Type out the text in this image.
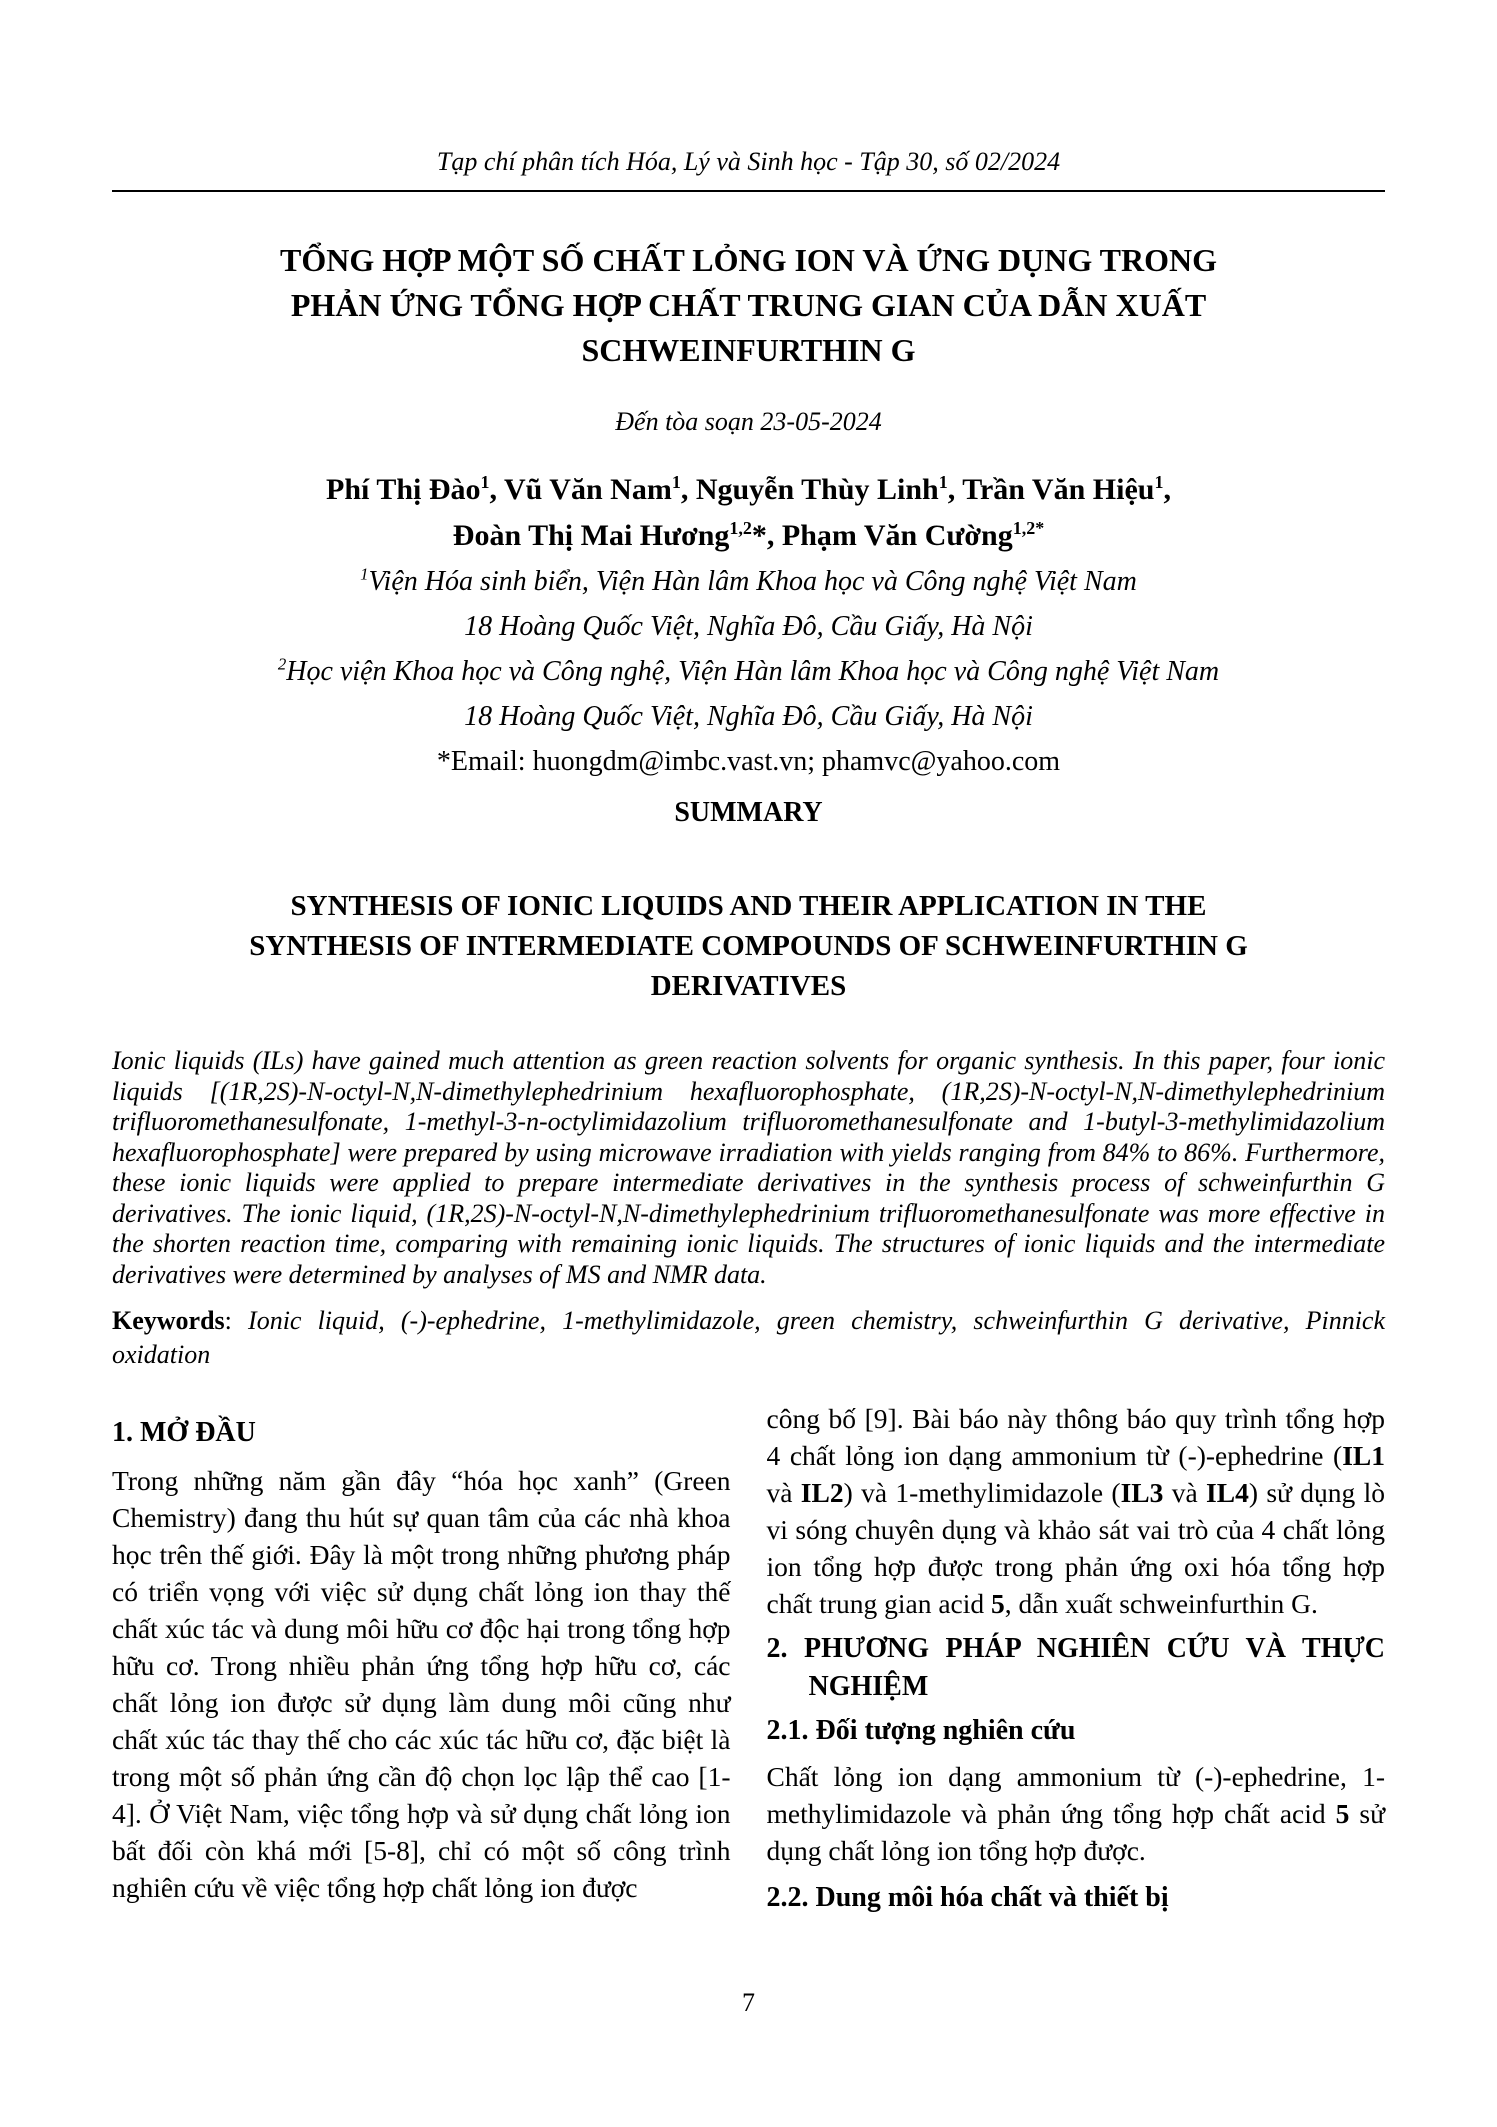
Tạp chí phân tích Hóa, Lý và Sinh học - Tập 30, số 02/2024
TỔNG HỢP MỘT SỐ CHẤT LỎNG ION VÀ ỨNG DỤNG TRONG
PHẢN ỨNG TỔNG HỢP CHẤT TRUNG GIAN CỦA DẪN XUẤT
SCHWEINFURTHIN G
Đến tòa soạn 23-05-2024
Phí Thị Đào$^1$, Vũ Văn Nam$^1$, Nguyễn Thùy Linh$^1$, Trần Văn Hiệu$^1$,
Đoàn Thị Mai Hương$^{1,2}$*, Phạm Văn Cường$^{1,2*}$
$^1$Viện Hóa sinh biển, Viện Hàn lâm Khoa học và Công nghệ Việt Nam
18 Hoàng Quốc Việt, Nghĩa Đô, Cầu Giấy, Hà Nội
$^2$Học viện Khoa học và Công nghệ, Viện Hàn lâm Khoa học và Công nghệ Việt Nam
18 Hoàng Quốc Việt, Nghĩa Đô, Cầu Giấy, Hà Nội
*Email: huongdm@imbc.vast.vn; phamvc@yahoo.com
SUMMARY
SYNTHESIS OF IONIC LIQUIDS AND THEIR APPLICATION IN THE
SYNTHESIS OF INTERMEDIATE COMPOUNDS OF SCHWEINFURTHIN G
DERIVATIVES
Ionic liquids (ILs) have gained much attention as green reaction solvents for organic synthesis. In this paper, four ionic liquids [(1R,2S)-N-octyl-N,N-dimethylephedrinium hexafluorophosphate, (1R,2S)-N-octyl-N,N-dimethylephedrinium trifluoromethanesulfonate, 1-methyl-3-n-octylimidazolium trifluoromethanesulfonate and 1-butyl-3-methylimidazolium hexafluorophosphate] were prepared by using microwave irradiation with yields ranging from 84% to 86%. Furthermore, these ionic liquids were applied to prepare intermediate derivatives in the synthesis process of schweinfurthin G derivatives. The ionic liquid, (1R,2S)-N-octyl-N,N-dimethylephedrinium trifluoromethanesulfonate was more effective in the shorten reaction time, comparing with remaining ionic liquids. The structures of ionic liquids and the intermediate derivatives were determined by analyses of MS and NMR data.
Keywords: Ionic liquid, (-)-ephedrine, 1-methylimidazole, green chemistry, schweinfurthin G derivative, Pinnick oxidation
1. MỞ ĐẦU
Trong những năm gần đây “hóa học xanh” (Green Chemistry) đang thu hút sự quan tâm của các nhà khoa học trên thế giới. Đây là một trong những phương pháp có triển vọng với việc sử dụng chất lỏng ion thay thế chất xúc tác và dung môi hữu cơ độc hại trong tổng hợp hữu cơ. Trong nhiều phản ứng tổng hợp hữu cơ, các chất lỏng ion được sử dụng làm dung môi cũng như chất xúc tác thay thế cho các xúc tác hữu cơ, đặc biệt là trong một số phản ứng cần độ chọn lọc lập thể cao [1-4]. Ở Việt Nam, việc tổng hợp và sử dụng chất lỏng ion bất đối còn khá mới [5-8], chỉ có một số công trình nghiên cứu về việc tổng hợp chất lỏng ion được
công bố [9]. Bài báo này thông báo quy trình tổng hợp 4 chất lỏng ion dạng ammonium từ (-)-ephedrine (IL1 và IL2) và 1-methylimidazole (IL3 và IL4) sử dụng lò vi sóng chuyên dụng và khảo sát vai trò của 4 chất lỏng ion tổng hợp được trong phản ứng oxi hóa tổng hợp chất trung gian acid 5, dẫn xuất schweinfurthin G.
2. PHƯƠNG PHÁP NGHIÊN CỨU VÀ THỰC
NGHIỆM
2.1. Đối tượng nghiên cứu
Chất lỏng ion dạng ammonium từ (-)-ephedrine, 1-methylimidazole và phản ứng tổng hợp chất acid 5 sử dụng chất lỏng ion tổng hợp được.
2.2. Dung môi hóa chất và thiết bị
7
